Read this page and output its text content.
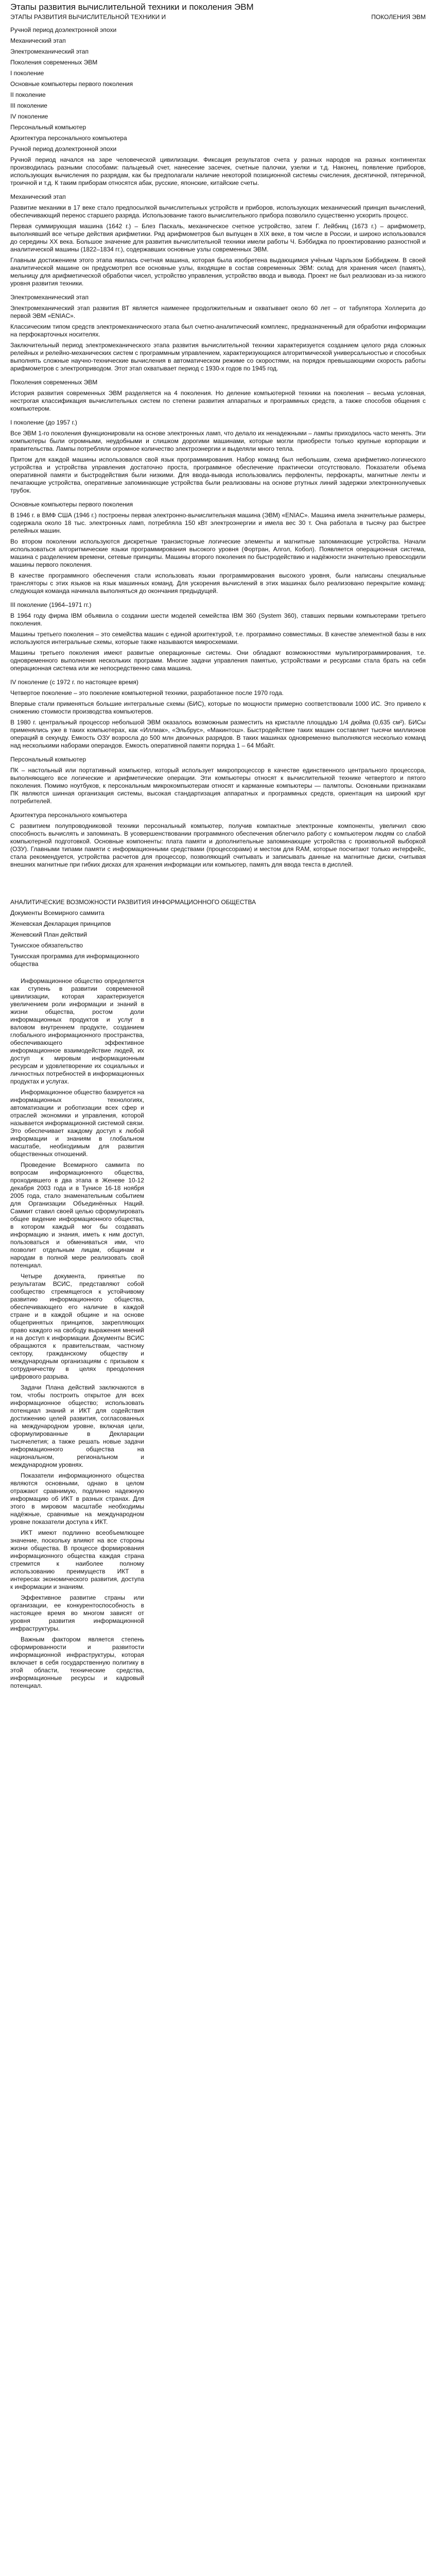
Этапы развития вычислительной техники и поколения ЭВМ
ЭТАПЫ РАЗВИТИЯ ВЫЧИСЛИТЕЛЬНОЙ ТЕХНИКИ И	ПОКОЛЕНИЯ ЭВМ

Ручной период доэлектронной эпохи

Механический этап

Электромеханический этап

Поколения современных ЭВМ

I поколение

Основные компьютеры первого поколения

II поколение

III поколение

IV поколение

Персональный компьютер

Архитектура персонального компьютера

Ручной период доэлектронной эпохи

Ручной период начался на заре человеческой цивилизации. Фиксация результатов счета у разных народов на разных континентах производилась разными способами: пальцевый счет, нанесение засечек, счетные палочки, узелки и т.д. Наконец, появление приборов, использующих вычисления по разрядам, как бы предполагали наличие некоторой позиционной системы счисления, десятичной, пятеричной, троичной и т.д. К таким приборам относятся абак, русские, японские, китайские счеты.

Механический этап

Развитие механики в 17 веке стало предпосылкой вычислительных устройств и приборов, использующих механический принцип вычислений, обеспечивающий перенос старшего разряда. Использование такого вычислительного прибора позволило существенно ускорить процесс.

Первая суммирующая машина (1642 г.) – Блез Паскаль, механическое счетное устройство, затем Г. Лейбниц (1673 г.) – арифмометр, выполнявший все четыре действия арифметики. Ряд арифмометров был выпущен в XIX веке, в том числе в России, и широко использовался до середины XX века. Большое значение для развития вычислительной техники имели работы Ч. Бэббиджа по проектированию разностной и аналитической машины (1822–1834 гг.), содержавших основные узлы современных ЭВМ.

Главным достижением этого этапа явилась счетная машина, которая была изобретена выдающимся учёным Чарльзом Бэббиджем. В своей аналитической машине он предусмотрел все основные узлы, входящие в состав современных ЭВМ: склад для хранения чисел (память), мельницу для арифметической обработки чисел, устройство управления, устройство ввода и вывода. Проект не был реализован из-за низкого уровня развития техники.

Электромеханический этап

Электромеханический этап развития ВТ является наименее продолжительным и охватывает около 60 лет – от табулятора Холлерита до первой ЭВМ «ENIAC».

Классическим типом средств электромеханического этапа был счетно-аналитический комплекс, предназначенный для обработки информации на перфокарточных носителях.

Заключительный период электромеханического этапа развития вычислительной техники характеризуется созданием целого ряда сложных релейных и релейно-механических систем с программным управлением, характеризующихся алгоритмической универсальностью и способных выполнять сложные научно-технические вычисления в автоматическом режиме со скоростями, на порядок превышающими скорость работы арифмометров с электроприводом. Этот этап охватывает период с 1930-х годов по 1945 год.

Поколения современных ЭВМ

История развития современных ЭВМ разделяется на 4 поколения. Но деление компьютерной техники на поколения – весьма условная, нестрогая классификация вычислительных систем по степени развития аппаратных и программных средств, а также способов общения с компьютером.

I поколение (до 1957 г.)

Все ЭВМ 1-го поколения функционировали на основе электронных ламп, что делало их ненадежными – лампы приходилось часто менять. Эти компьютеры были огромными, неудобными и слишком дорогими машинами, которые могли приобрести только крупные корпорации и правительства. Лампы потребляли огромное количество электроэнергии и выделяли много тепла.

Притом для каждой машины использовался свой язык программирования. Набор команд был небольшим, схема арифметико-логического устройства и устройства управления достаточно проста, программное обеспечение практически отсутствовало. Показатели объема оперативной памяти и быстродействия были низкими. Для ввода-вывода использовались перфоленты, перфокарты, магнитные ленты и печатающие устройства, оперативные запоминающие устройства были реализованы на основе ртутных линий задержки электроннолучевых трубок.

Основные компьютеры первого поколения

В 1946 г. в ВМФ США (1946 г.) построены первая электронно-вычислительная машина (ЭВМ) «ENIAC». Машина имела значительные размеры, содержала около 18 тыс. электронных ламп, потребляла 150 кВт электроэнергии и имела вес 30 т. Она работала в тысячу раз быстрее релейных машин.

Во втором поколении используются дискретные транзисторные логические элементы и магнитные запоминающие устройства. Начали использоваться алгоритмические языки программирования высокого уровня (Фортран, Алгол, Кобол). Появляется операционная система, машина с разделением времени, сетевые принципы. Машины второго поколения по быстродействию и надёжности значительно превосходили машины первого поколения.

В качестве программного обеспечения стали использовать языки программирования высокого уровня, были написаны специальные трансляторы с этих языков на язык машинных команд. Для ускорения вычислений в этих машинах было реализовано перекрытие команд: следующая команда начинала выполняться до окончания предыдущей.

III поколение (1964–1971 гг.)

В 1964 году фирма IBM объявила о создании шести моделей семейства IBM 360 (System 360), ставших первыми компьютерами третьего поколения.

Машины третьего поколения – это семейства машин с единой архитектурой, т.е. программно совместимых. В качестве элементной базы в них используются интегральные схемы, которые также называются микросхемами.

Машины третьего поколения имеют развитые операционные системы. Они обладают возможностями мультипрограммирования, т.е. одновременного выполнения нескольких программ. Многие задачи управления памятью, устройствами и ресурсами стала брать на себя операционная система или же непосредственно сама машина.

IV поколение (с 1972 г. по настоящее время)

Четвертое поколение – это поколение компьютерной техники, разработанное после 1970 года.

Впервые стали применяться большие интегральные схемы (БИС), которые по мощности примерно соответствовали 1000 ИС. Это привело к снижению стоимости производства компьютеров.

В 1980 г. центральный процессор небольшой ЭВМ оказалось возможным разместить на кристалле площадью 1/4 дюйма (0,635 см²). БИСы применялись уже в таких компьютерах, как «Иллиак», «Эльбрус», «Макинтош». Быстродействие таких машин составляет тысячи миллионов операций в секунду. Емкость ОЗУ возросла до 500 млн двоичных разрядов. В таких машинах одновременно выполняются несколько команд над несколькими наборами операндов. Емкость оперативной памяти порядка 1 – 64 Мбайт.

Персональный компьютер

ПК – настольный или портативный компьютер, который использует микропроцессор в качестве единственного центрального процессора, выполняющего все логические и арифметические операции. Эти компьютеры относят к вычислительной технике четвертого и пятого поколения. Помимо ноутбуков, к персональным микрокомпьютерам относят и карманные компьютеры — палмтопы. Основными признаками ПК являются шинная организация системы, высокая стандартизация аппаратных и программных средств, ориентация на широкий круг потребителей.

Архитектура персонального компьютера

С развитием полупроводниковой техники персональный компьютер, получив компактные электронные компоненты, увеличил свою способность вычислять и запоминать. В усовершенствовании программного обеспечения облегчило работу с компьютером людям со слабой компьютерной подготовкой. Основные компоненты: плата памяти и дополнительные запоминающие устройства с произвольной выборкой (ОЗУ). Главными типами памяти с информационными средствами (процессорами) и местом для RAM, которые посчитают только интерфейс, стала рекомендуется, устройства расчетов для процессор, позволяющий считывать и записывать данные на магнитные диски, считывая внешних магнитные при гибких дисках для хранения информации или компьютер, память для ввода текста в дисплей.

АНАЛИТИЧЕСКИЕ ВОЗМОЖНОСТИ РАЗВИТИЯ ИНФОРМАЦИОННОГО ОБЩЕСТВА

Документы Всемирного саммита

Женевская Декларация принципов

Женевский План действий

Тунисское обязательство

Тунисская программа для информационного общества

Информационное общество определяется как ступень в развитии современной цивилизации, которая характеризуется увеличением роли информации и знаний в жизни общества, ростом доли информационных продуктов и услуг в валовом внутреннем продукте, созданием глобального информационного пространства, обеспечивающего эффективное информационное взаимодействие людей, их доступ к мировым информационным ресурсам и удовлетворение их социальных и личностных потребностей в информационных продуктах и услугах.

Информационное общество базируется на информационных технологиях, автоматизации и роботизации всех сфер и отраслей экономики и управления, которой называется информационной системой связи. Это обеспечивает каждому доступ к любой информации и знаниям в глобальном масштабе, необходимым для развития общественных отношений.

Проведение Всемирного саммита по вопросам информационного общества, проходившего в два этапа в Женеве 10-12 декабря 2003 года и в Тунисе 16-18 ноября 2005 года, стало знаменательным событием для Организации Объединённых Наций. Саммит ставил своей целью сформулировать общее видение информационного общества, в котором каждый мог бы создавать информацию и знания, иметь к ним доступ, пользоваться и обмениваться ими, что позволит отдельным лицам, общинам и народам в полной мере реализовать свой потенциал.

Четыре документа, принятые по результатам ВСИС, представляют собой сообщество стремящегося к устойчивому развитию информационного общества, обеспечивающего его наличие в каждой стране и в каждой общине и на основе общепринятых принципов, закрепляющих право каждого на свободу выражения мнений и на доступ к информации. Документы ВСИС обращаются к правительствам, частному сектору, гражданскому обществу и международным организациям с призывом к сотрудничеству в целях преодоления цифрового разрыва.

Задачи Плана действий заключаются в том, чтобы построить открытое для всех информационное общество; использовать потенциал знаний и ИКТ для содействия достижению целей развития, согласованных на международном уровне, включая цели, сформулированные в Декларации тысячелетия; а также решать новые задачи информационного общества на национальном, региональном и международном уровнях.

Показатели информационного общества являются основными, однако в целом отражают сравнимую, подлинно надежную информацию об ИКТ в разных странах. Для этого в мировом масштабе необходимы надёжные, сравнимые на международном уровне показатели доступа к ИКТ.

ИКТ имеют подлинно всеобъемлющее значение, поскольку влияют на все стороны жизни общества. В процессе формирования информационного общества каждая страна стремится к наиболее полному использованию преимуществ ИКТ в интересах экономического развития, доступа к информации и знаниям.

Эффективное развитие страны или организации, ее конкурентоспособность в настоящее время во многом зависят от уровня развития информационной инфраструктуры.

Важным фактором является степень сформированности и развитости информационной инфраструктуры, которая включает в себя государственную политику в этой области, технические средства, информационные ресурсы и кадровый потенциал.
